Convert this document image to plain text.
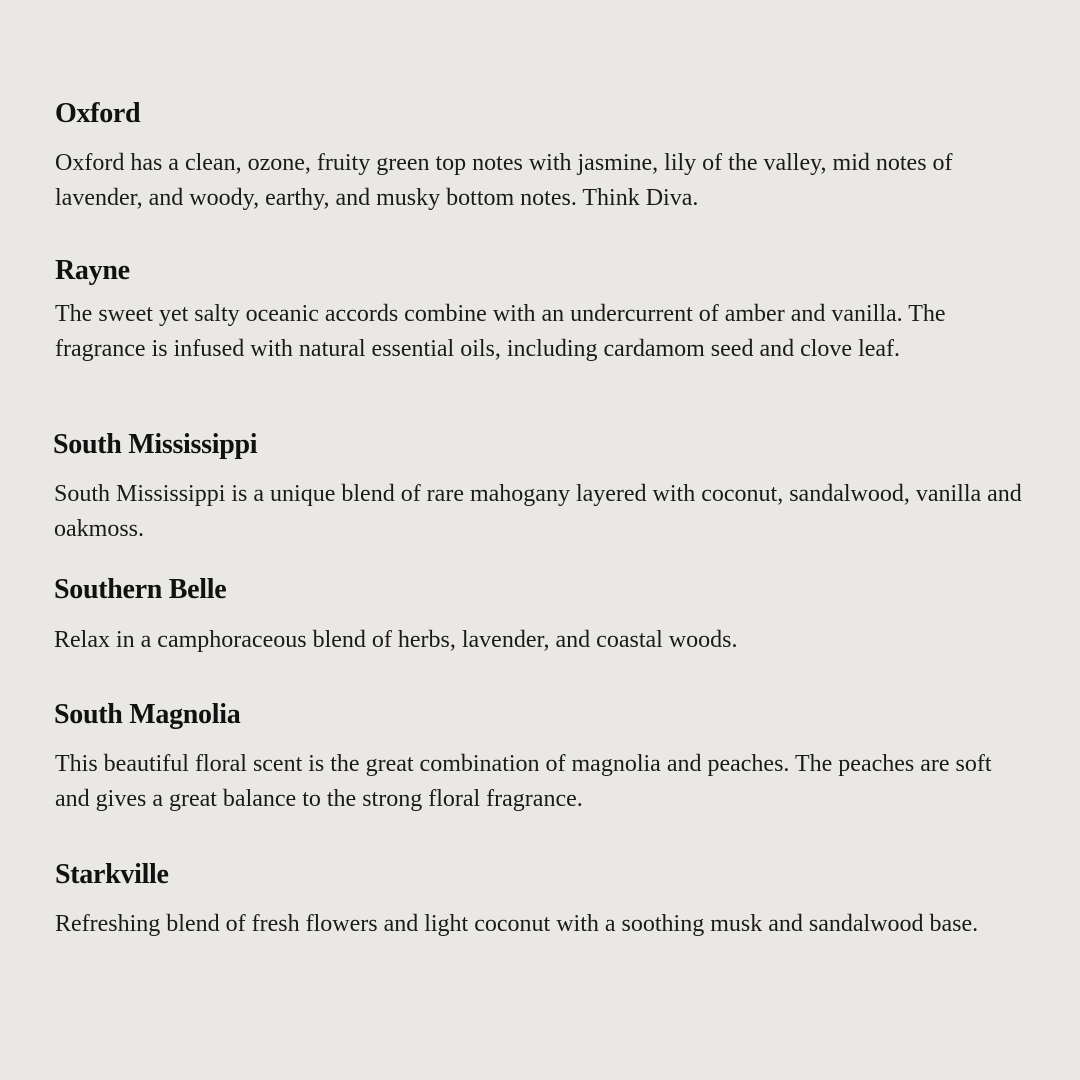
Oxford

Oxford has a clean, ozone, fruity green top notes with jasmine, lily of the valley, mid notes of lavender, and woody, earthy, and musky bottom notes. Think Diva.

Rayne

The sweet yet salty oceanic accords combine with an undercurrent of amber and vanilla. The fragrance is infused with natural essential oils, including cardamom seed and clove leaf.

South Mississippi

South Mississippi is a unique blend of rare mahogany layered with coconut, sandalwood, vanilla and oakmoss.

Southern Belle

Relax in a camphoraceous blend of herbs, lavender, and coastal woods.

South Magnolia

This beautiful floral scent is the great combination of magnolia and peaches. The peaches are soft and gives a great balance to the strong floral fragrance.

Starkville

Refreshing blend of fresh flowers and light coconut with a soothing musk and sandalwood base.
